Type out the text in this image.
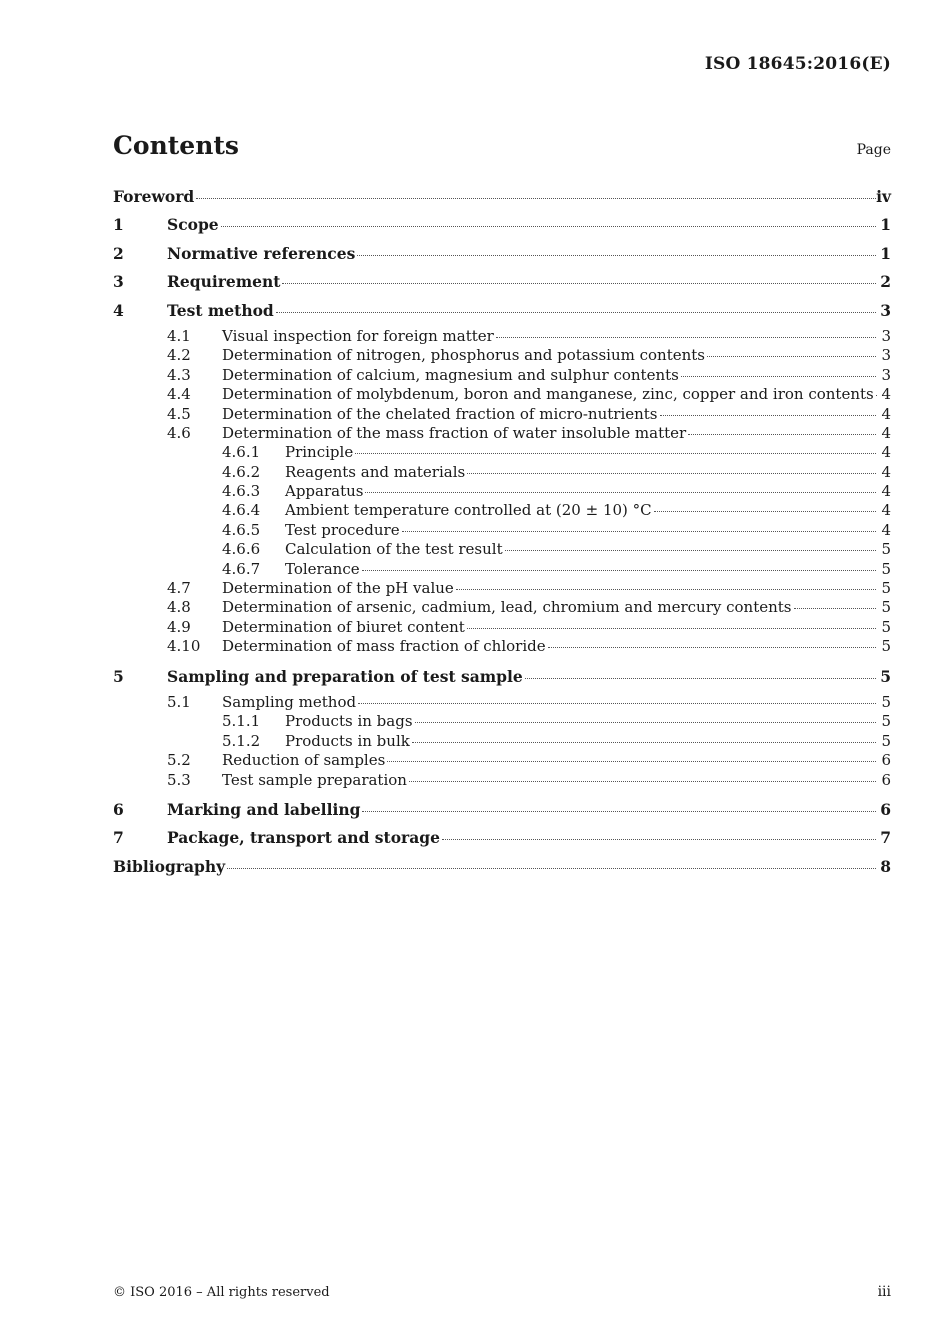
ISO 18645:2016(E)
Contents	Page
Foreword	iv
1	Scope	1
2	Normative references	1
3	Requirement	2
4	Test method	3
4.1 Visual inspection for foreign matter	3
4.2 Determination of nitrogen, phosphorus and potassium contents	3
4.3 Determination of calcium, magnesium and sulphur contents	3
4.4 Determination of molybdenum, boron and manganese, zinc, copper and iron contents 4
4.5 Determination of the chelated fraction of micro-nutrients	4
4.6 Determination of the mass fraction of water insoluble matter	4
4.6.1 Principle	4
4.6.2 Reagents and materials	4
4.6.3 Apparatus	4
4.6.4 Ambient temperature controlled at (20 ± 10) °C	4
4.6.5 Test procedure	4
4.6.6 Calculation of the test result	5
4.6.7 Tolerance	5
4.7 Determination of the pH value	5
4.8 Determination of arsenic, cadmium, lead, chromium and mercury contents	5
4.9 Determination of biuret content	5
4.10 Determination of mass fraction of chloride	5
5	Sampling and preparation of test sample	5
5.1 Sampling method	5
5.1.1 Products in bags	5
5.1.2 Products in bulk	5
5.2 Reduction of samples	6
5.3 Test sample preparation	6
6	Marking and labelling	6
7	Package, transport and storage	7
Bibliography	8
© ISO 2016 – All rights reserved	iii
